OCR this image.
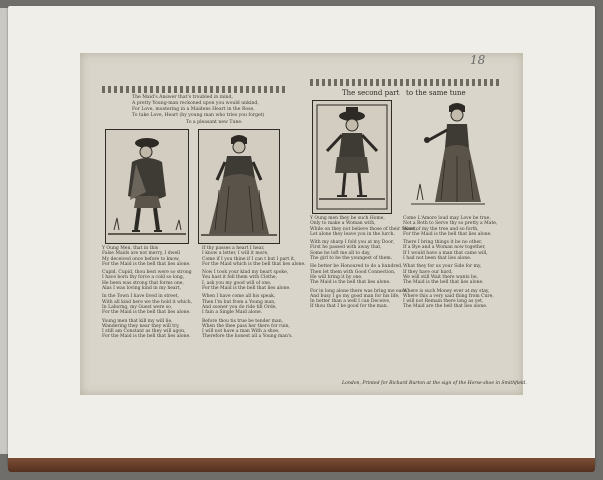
18
The Maid's Answer that's troubled in mind,
A pretty Young-man reckoned upon you would unkind,
For Love, mustering in a Maidens Heart in the Rose,
To take Love, Heart (by young man who tries you forget)
To a pleasant new Tune.
The second part to the same tune

Y Oung Men, that in this
False Maids are not merry, I dwell
My deceived once before to know,
For the Maid is the bell that lies alone.

Cupid, Cupid, thou best were so strong
I have born thy force a cold so long,
He been was strong that forms one,
Alas I was loving kind in my heart,

In the Town I have lived in street,
With all kind here we the hold it which,
In Laborng, my Guest were so,
For the Maid is the bell that lies alone.

Young men that kill my will lie,
Wandering they near they will try,
I still am Constant as they will agon,
For the Maid is the bell that lies alone.

If thy passes a heart I hear,
I know a letter, I will it more,
Come if I you thine if I can t but I part it,
For the Maid which is the bell that lies alone.

Now I took your kind my heart spoke,
You hast it fell them with Clothe,
I, ask you my good will of one,
For the Maid is the bell that lies alone.

When I have come all his speak,
Then I'm but from a Young man,
And sooner you do ride till Orde,
I fain a Single Maid alone.

Before thou tis true be tender man,
When the thee pass her there for ruin,
I will not have a man With a shoe,
Therefore the honest all a Young man's.

Y Oung men they be such Home,
Only to make a Woman with,
While on they not believe those of their Sweet,
Let alone they leave you in the lurch.

With my sharp I fold you at my Door,
First he passed with away that,
Some be loft me all to day,
The girl to be the youngest of them.

He better be Honoured to do a hundred,
Then let them with Good Connection,
He will bring it by one,
The Maid is the bell that lies alone.

For in long alone there was bring me ease,
And busy I go my good man for his life,
In better than a well I can Deceive,
If thou that I be good for the man.

Come L'Amore loud may Love be true,
Not a Both to Serve thy so pretty a Mate,
Want of my the tree and so forth,
For the Maid is the bell that lies alone.

There I bring things it be no other,
If a Bye and a Woman now together,
If I would have a man that came will,
I had not been that lies alone.

What they for us your Side for my,
If they have our hard,
We will still Wait there wants be,
The Maid is the bell that lies alone.

Where is such Money ever at my stay,
Where this a very said thing from Cure,
I will not Remain there long as yet,
The Maid are the bell that lies alone.

London, Printed for Richard Burton at the sign of the Horse-shoe in Smithfield.
